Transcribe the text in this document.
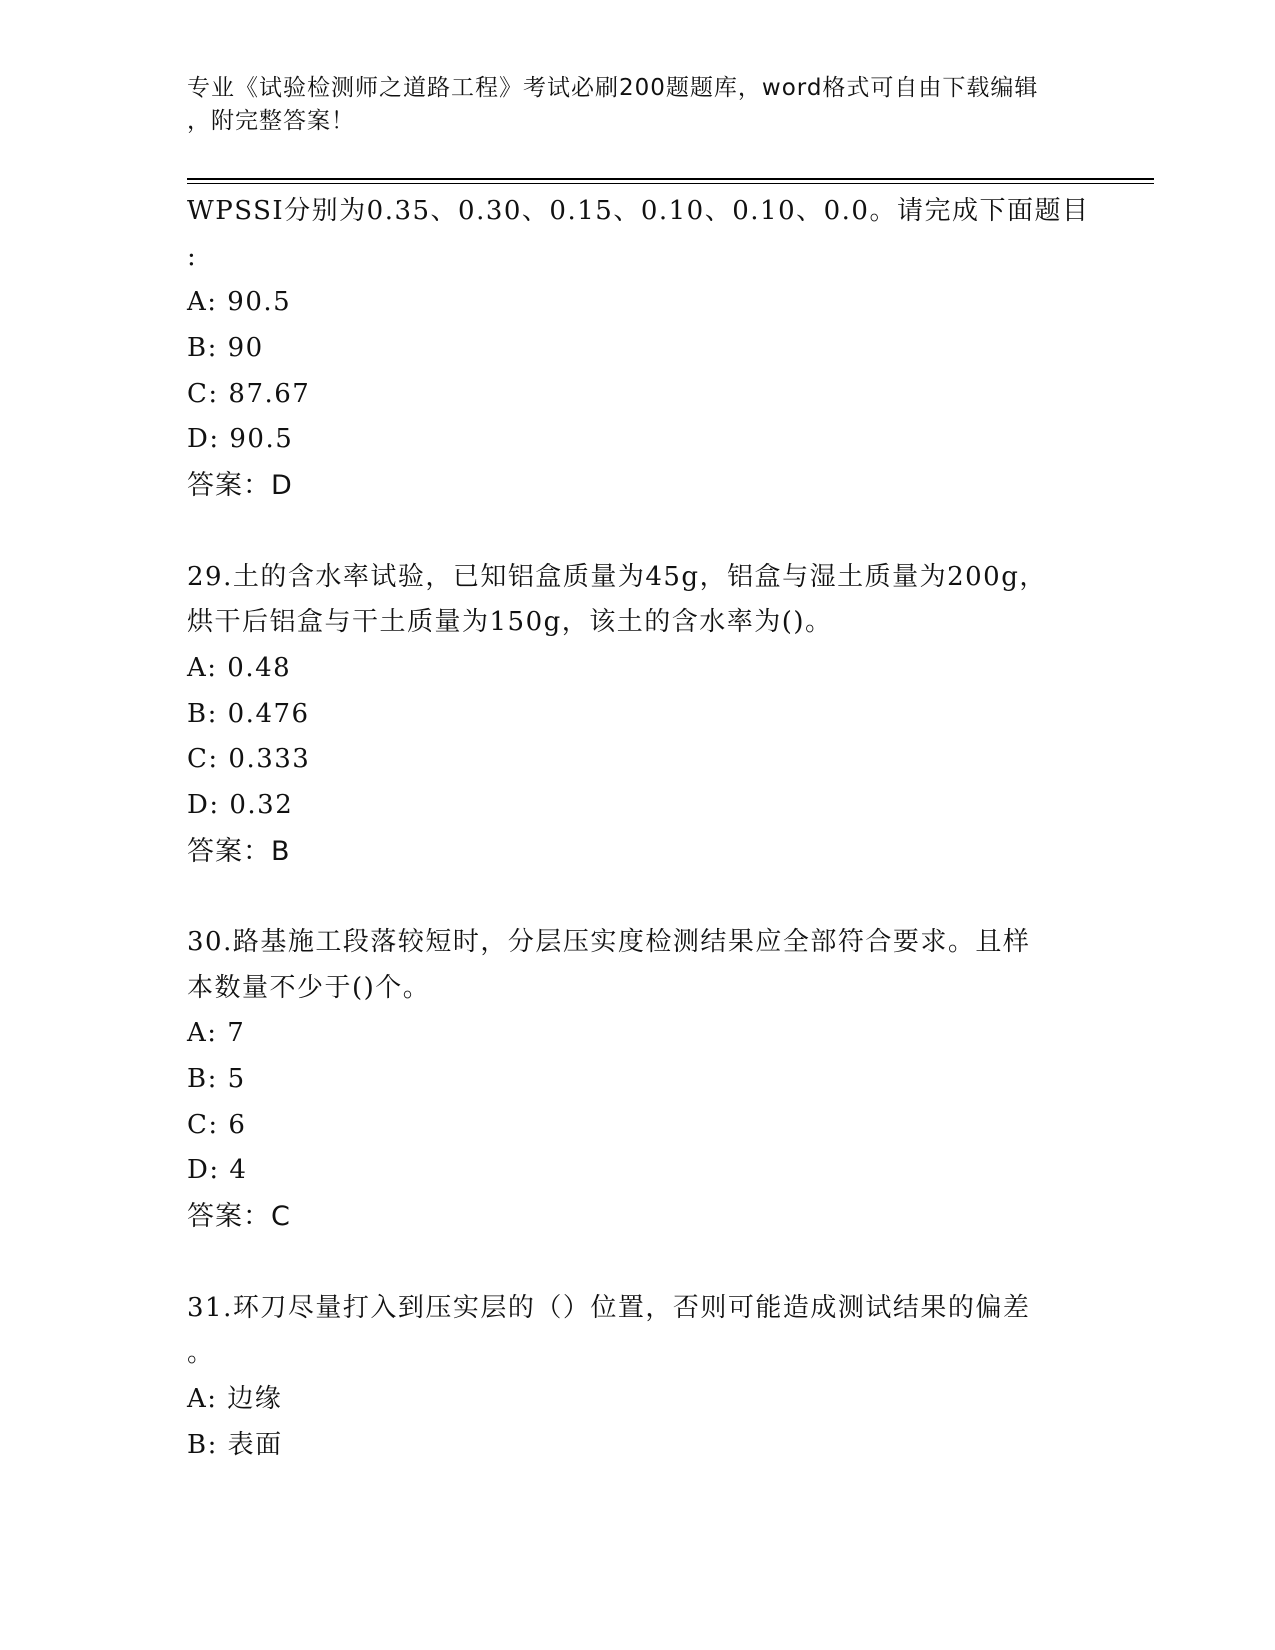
专业《试验检测师之道路工程》考试必刷200题题库，word格式可自由下载编辑
，附完整答案！
WPSSI分别为0.35、0.30、0.15、0.10、0.10、0.0。请完成下面题目
:
A: 90.5
B: 90
C: 87.67
D: 90.5
答案：D
29.土的含水率试验，已知铝盒质量为45g，铝盒与湿土质量为200g，
烘干后铝盒与干土质量为150g，该土的含水率为()。
A: 0.48
B: 0.476
C: 0.333
D: 0.32
答案：B
30.路基施工段落较短时，分层压实度检测结果应全部符合要求。且样
本数量不少于()个。
A: 7
B: 5
C: 6
D: 4
答案：C
31.环刀尽量打入到压实层的（）位置，否则可能造成测试结果的偏差
。
A: 边缘
B: 表面
